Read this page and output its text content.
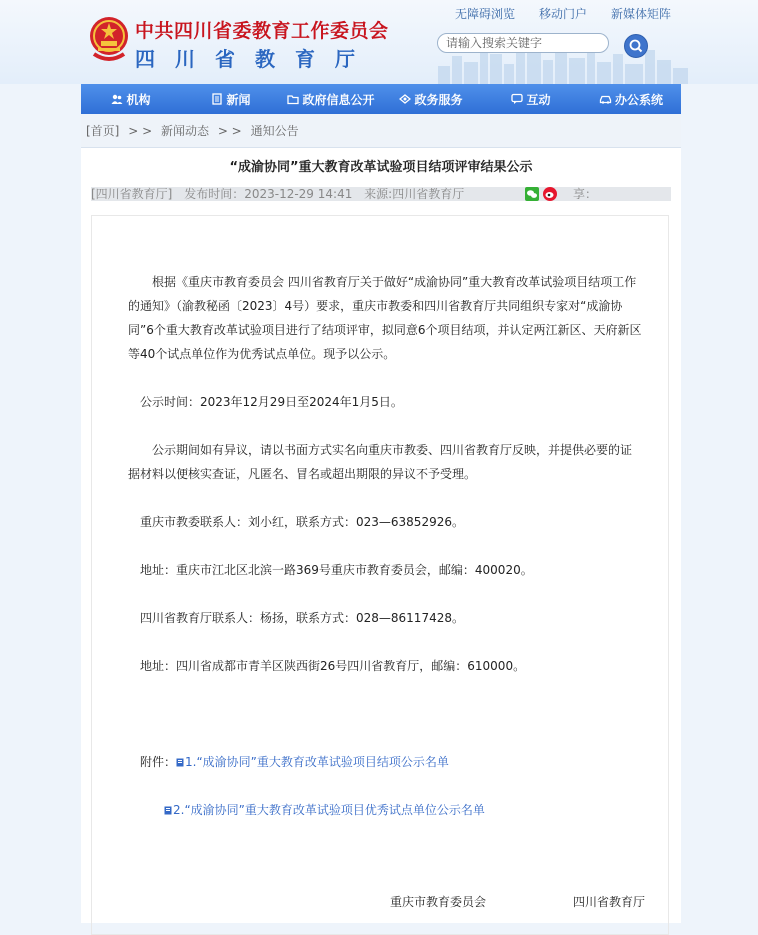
中共四川省委教育工作委员会
四川省教育厅
无障碍浏览 移动门户 新媒体矩阵
请输入搜索关键字
机构	新闻	政府信息公开	政务服务	互动	办公系统
[首页] > > 新闻动态 > > 通知公告
“成渝协同”重大教育改革试验项目结项评审结果公示
[四川省教育厅] 发布时间：2023-12-29 14:41 来源:四川省教育厅	享：

根据《重庆市教育委员会 四川省教育厅关于做好“成渝协同”重大教育改革试验项目结项工作的通知》（渝教秘函〔2023〕4号）要求，重庆市教委和四川省教育厅共同组织专家对“成渝协同”6个重大教育改革试验项目进行了结项评审，拟同意6个项目结项，并认定两江新区、天府新区等40个试点单位作为优秀试点单位。现予以公示。

公示时间：2023年12月29日至2024年1月5日。

公示期间如有异议，请以书面方式实名向重庆市教委、四川省教育厅反映，并提供必要的证据材料以便核实查证，凡匿名、冒名或超出期限的异议不予受理。

重庆市教委联系人：刘小红，联系方式：023—63852926。

地址：重庆市江北区北滨一路369号重庆市教育委员会，邮编：400020。

四川省教育厅联系人：杨扬，联系方式：028—86117428。

地址：四川省成都市青羊区陕西街26号四川省教育厅，邮编：610000。

附件： 1.“成渝协同”重大教育改革试验项目结项公示名单

2.“成渝协同”重大教育改革试验项目优秀试点单位公示名单

重庆市教育委员会	四川省教育厅
